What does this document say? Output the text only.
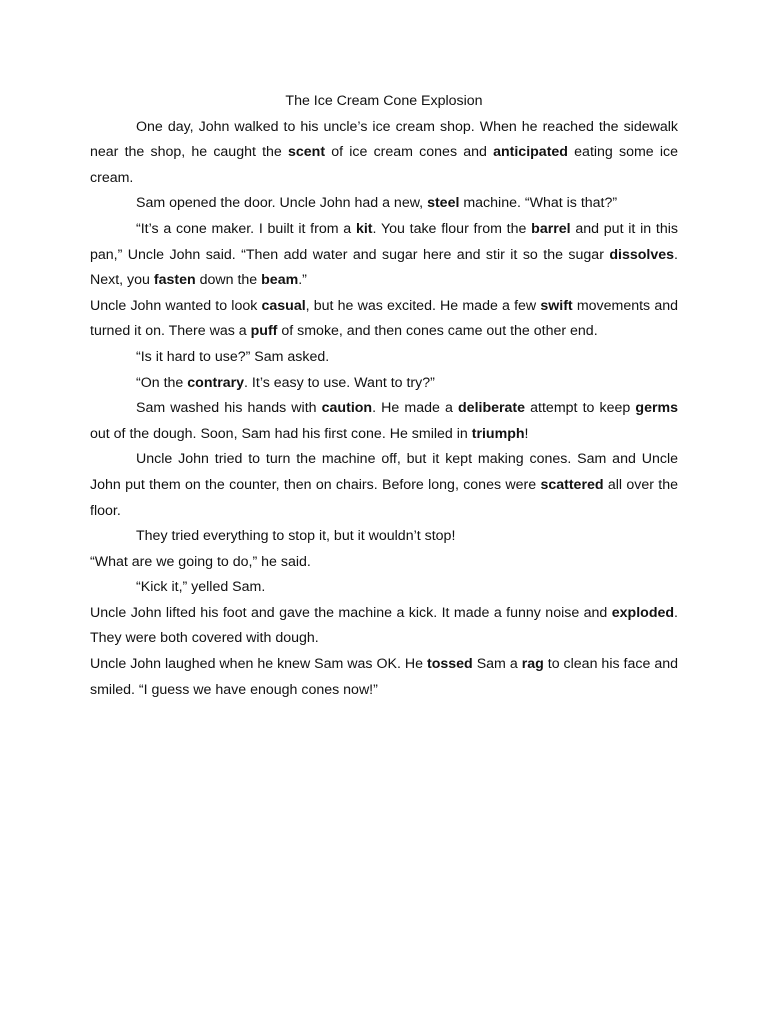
The Ice Cream Cone Explosion

One day, John walked to his uncle’s ice cream shop. When he reached the sidewalk near the shop, he caught the scent of ice cream cones and anticipated eating some ice cream.

Sam opened the door. Uncle John had a new, steel machine. “What is that?”

“It’s a cone maker. I built it from a kit. You take flour from the barrel and put it in this pan,” Uncle John said. “Then add water and sugar here and stir it so the sugar dissolves. Next, you fasten down the beam.”

Uncle John wanted to look casual, but he was excited. He made a few swift movements and turned it on. There was a puff of smoke, and then cones came out the other end.

“Is it hard to use?” Sam asked.

“On the contrary. It’s easy to use. Want to try?”

Sam washed his hands with caution. He made a deliberate attempt to keep germs out of the dough. Soon, Sam had his first cone. He smiled in triumph!

Uncle John tried to turn the machine off, but it kept making cones. Sam and Uncle John put them on the counter, then on chairs. Before long, cones were scattered all over the floor.

They tried everything to stop it, but it wouldn’t stop!

“What are we going to do,” he said.

“Kick it,” yelled Sam.

Uncle John lifted his foot and gave the machine a kick. It made a funny noise and exploded. They were both covered with dough.

Uncle John laughed when he knew Sam was OK. He tossed Sam a rag to clean his face and smiled. “I guess we have enough cones now!”
